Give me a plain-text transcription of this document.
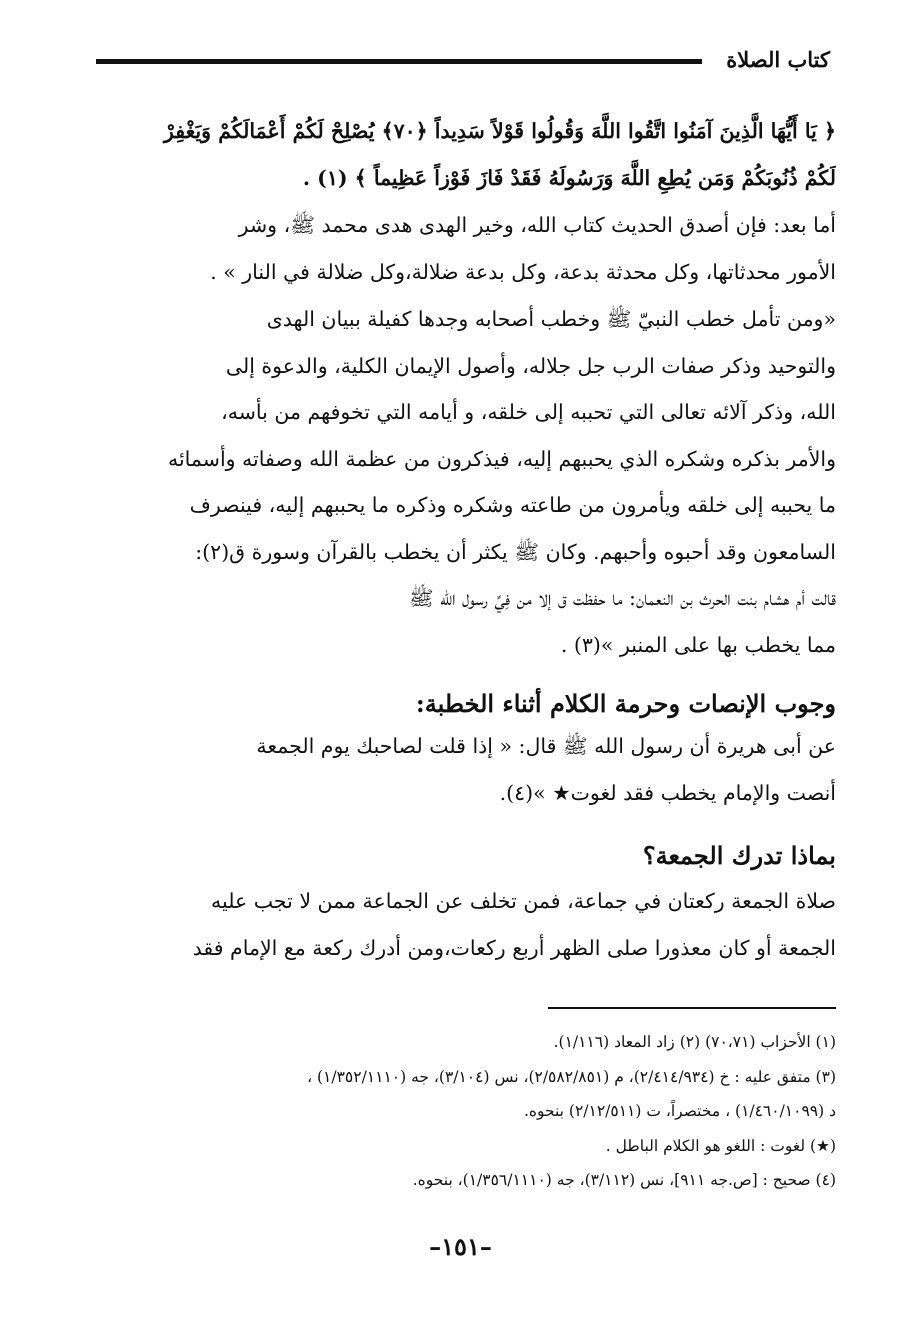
كتاب الصلاة
﴿ يَا أَيُّهَا الَّذِينَ آمَنُوا اتَّقُوا اللَّهَ وَقُولُوا قَوْلاً سَدِيداً ﴿٧٠﴾ يُصْلِحْ لَكُمْ أَعْمَالَكُمْ وَيَغْفِرْ
لَكُمْ ذُنُوبَكُمْ وَمَن يُطِعِ اللَّهَ وَرَسُولَهُ فَقَدْ فَازَ فَوْزاً عَظِيماً ﴾ (١) .
أما بعد: فإن أصدق الحديث كتاب الله، وخير الهدى هدى محمد ﷺ، وشر
الأمور محدثاتها، وكل محدثة بدعة، وكل بدعة ضلالة،وكل ضلالة في النار » .
«ومن تأمل خطب النبيّ ﷺ وخطب أصحابه وجدها كفيلة ببيان الهدى
والتوحيد وذكر صفات الرب جل جلاله، وأصول الإيمان الكلية، والدعوة إلى
الله، وذكر آلائه تعالى التي تحببه إلى خلقه، و أيامه التي تخوفهم من بأسه،
والأمر بذكره وشكره الذي يحببهم إليه، فيذكرون من عظمة الله وصفاته وأسمائه
ما يحببه إلى خلقه ويأمرون من طاعته وشكره وذكره ما يحببهم إليه، فينصرف
السامعون وقد أحبوه وأحبهم. وكان ﷺ يكثر أن يخطب بالقرآن وسورة ق(٢):
قالت أم هشام بنت الحرث بن النعمان: ما حفظت ق إلا من فِيِّ رسول الله ﷺ
مما يخطب بها على المنبر »(٣) .
وجوب الإنصات وحرمة الكلام أثناء الخطبة:
عن أبى هريرة أن رسول الله ﷺ قال: « إذا قلت لصاحبك يوم الجمعة
أنصت والإمام يخطب فقد لغوت★ »(٤).
بماذا تدرك الجمعة؟
صلاة الجمعة ركعتان في جماعة، فمن تخلف عن الجماعة ممن لا تجب عليه
الجمعة أو كان معذورا صلى الظهر أربع ركعات،ومن أدرك ركعة مع الإمام فقد
(١) الأحزاب (٧٠،٧١) (٢) زاد المعاد (١/١١٦).
(٣) متفق عليه : خ (٢/٤١٤/٩٣٤)، م (٢/٥٨٢/٨٥١)، نس (٣/١٠٤)، جه (١/٣٥٢/١١١٠) ،
د (١/٤٦٠/١٠٩٩) ، مختصراً، ت (٢/١٢/٥١١) بنحوه.
(★) لغوت : اللغو هو الكلام الباطل .
(٤) صحيح : [ص.جه ٩١١]، نس (٣/١١٢)، جه (١/٣٥٦/١١١٠)، بنحوه.
–١٥١–
